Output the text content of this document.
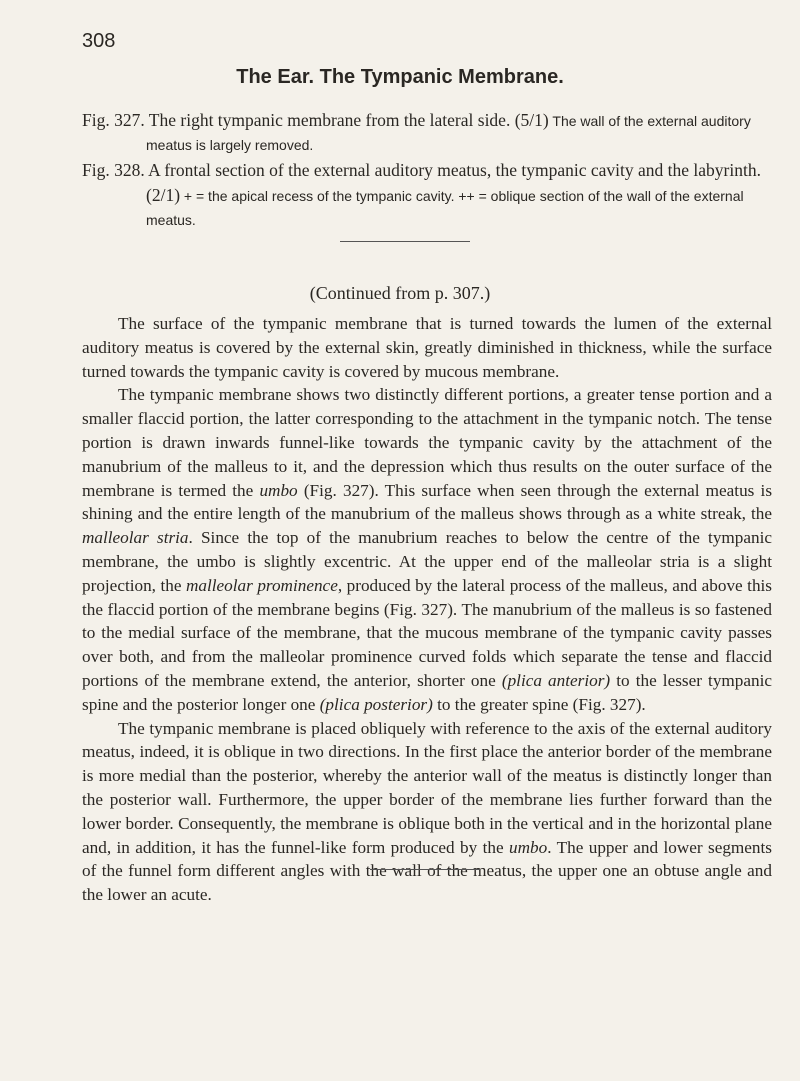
308
The Ear. The Tympanic Membrane.

Fig. 327. The right tympanic membrane from the lateral side. (5/1) The wall of the external auditory meatus is largely removed.

Fig. 328. A frontal section of the external auditory meatus, the tympanic cavity and the labyrinth. (2/1) + = the apical recess of the tympanic cavity. ++ = oblique section of the wall of the external meatus.

(Continued from p. 307.)

The surface of the tympanic membrane that is turned towards the lumen of the external auditory meatus is covered by the external skin, greatly diminished in thickness, while the surface turned towards the tympanic cavity is covered by mucous membrane.

The tympanic membrane shows two distinctly different portions, a greater tense portion and a smaller flaccid portion, the latter corresponding to the attachment in the tympanic notch. The tense portion is drawn inwards funnel-like towards the tympanic cavity by the attachment of the manubrium of the malleus to it, and the depression which thus results on the outer surface of the membrane is termed the umbo (Fig. 327). This surface when seen through the external meatus is shining and the entire length of the manubrium of the malleus shows through as a white streak, the malleolar stria. Since the top of the manubrium reaches to below the centre of the tympanic membrane, the umbo is slightly excentric. At the upper end of the malleolar stria is a slight projection, the malleolar prominence, produced by the lateral process of the malleus, and above this the flaccid portion of the membrane begins (Fig. 327). The manubrium of the malleus is so fastened to the medial surface of the membrane, that the mucous membrane of the tympanic cavity passes over both, and from the malleolar prominence curved folds which separate the tense and flaccid portions of the membrane extend, the anterior, shorter one (plica anterior) to the lesser tympanic spine and the posterior longer one (plica posterior) to the greater spine (Fig. 327).

The tympanic membrane is placed obliquely with reference to the axis of the external auditory meatus, indeed, it is oblique in two directions. In the first place the anterior border of the membrane is more medial than the posterior, whereby the anterior wall of the meatus is distinctly longer than the posterior wall. Furthermore, the upper border of the membrane lies further forward than the lower border. Consequently, the membrane is oblique both in the vertical and in the horizontal plane and, in addition, it has the funnel-like form produced by the umbo. The upper and lower segments of the funnel form different angles with the wall of the meatus, the upper one an obtuse angle and the lower an acute.
